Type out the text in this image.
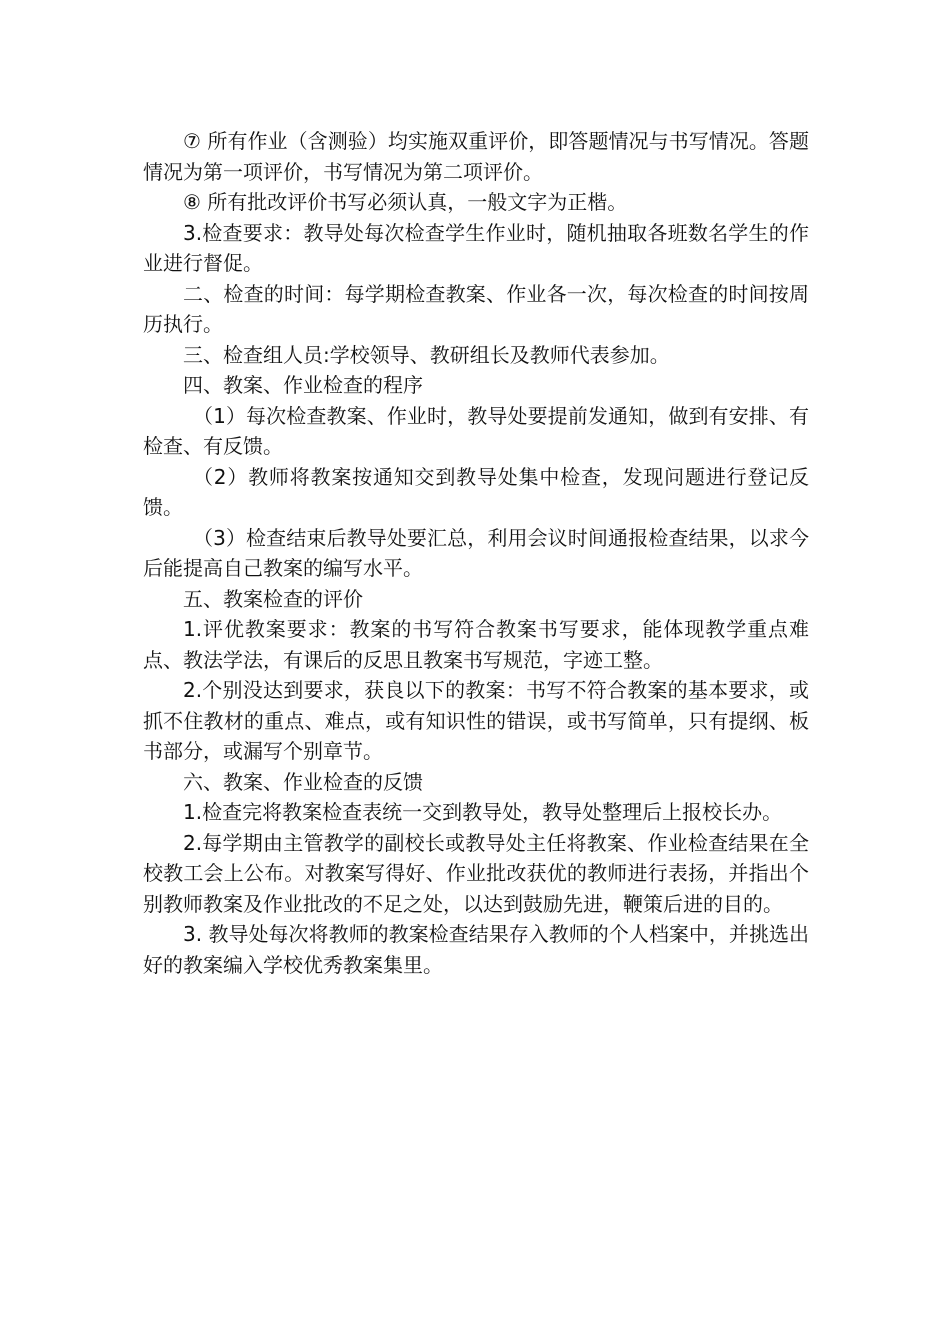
⑦ 所有作业（含测验）均实施双重评价，即答题情况与书写情况。答题情况为第一项评价，书写情况为第二项评价。

⑧ 所有批改评价书写必须认真，一般文字为正楷。

3.检查要求：教导处每次检查学生作业时，随机抽取各班数名学生的作业进行督促。

二、检查的时间：每学期检查教案、作业各一次，每次检查的时间按周历执行。

三、检查组人员:学校领导、教研组长及教师代表参加。

四、教案、作业检查的程序

（1）每次检查教案、作业时，教导处要提前发通知，做到有安排、有检查、有反馈。

（2）教师将教案按通知交到教导处集中检查，发现问题进行登记反馈。

（3）检查结束后教导处要汇总，利用会议时间通报检查结果，以求今后能提高自己教案的编写水平。

五、教案检查的评价

1.评优教案要求：教案的书写符合教案书写要求，能体现教学重点难点、教法学法，有课后的反思且教案书写规范，字迹工整。

2.个别没达到要求，获良以下的教案：书写不符合教案的基本要求，或抓不住教材的重点、难点，或有知识性的错误，或书写简单，只有提纲、板书部分，或漏写个别章节。

六、教案、作业检查的反馈

1.检查完将教案检查表统一交到教导处，教导处整理后上报校长办。

2.每学期由主管教学的副校长或教导处主任将教案、作业检查结果在全校教工会上公布。对教案写得好、作业批改获优的教师进行表扬，并指出个别教师教案及作业批改的不足之处，以达到鼓励先进，鞭策后进的目的。

3. 教导处每次将教师的教案检查结果存入教师的个人档案中，并挑选出好的教案编入学校优秀教案集里。
